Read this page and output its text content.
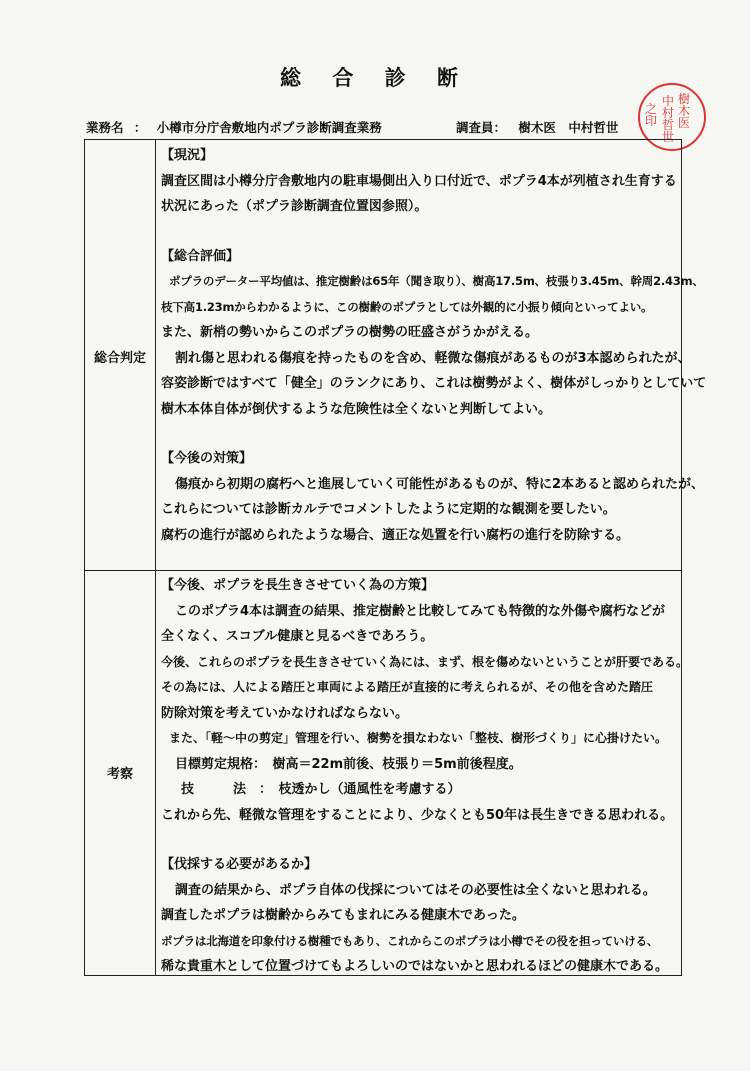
総 合 診 断
業務名 ： 小樽市分庁舎敷地内ポプラ診断調査業務	調査員： 樹木医　中村哲世
樹木医
中村哲世
之印
総合判定
考察

【現況】

調査区間は小樽分庁舎敷地内の駐車場側出入り口付近で、ポプラ4本が列植され生育する

状況にあった（ポプラ診断調査位置図参照）。

【総合評価】

ポプラのデーター平均値は、推定樹齢は65年（聞き取り）、樹高17.5m、枝張り3.45m、幹周2.43m、

枝下高1.23mからわかるように、この樹齢のポプラとしては外観的に小振り傾向といってよい。

また、新梢の勢いからこのポプラの樹勢の旺盛さがうかがえる。

割れ傷と思われる傷痕を持ったものを含め、軽微な傷痕があるものが3本認められたが、

容姿診断ではすべて「健全」のランクにあり、これは樹勢がよく、樹体がしっかりとしていて

樹木本体自体が倒伏するような危険性は全くないと判断してよい。

【今後の対策】

傷痕から初期の腐朽へと進展していく可能性があるものが、特に2本あると認められたが、

これらについては診断カルテでコメントしたように定期的な観測を要したい。

腐朽の進行が認められたような場合、適正な処置を行い腐朽の進行を防除する。

【今後、ポプラを長生きさせていく為の方策】

このポプラ4本は調査の結果、推定樹齢と比較してみても特徴的な外傷や腐朽などが

全くなく、スコブル健康と見るべきであろう。

今後、これらのポプラを長生きさせていく為には、まず、根を傷めないということが肝要である。

その為には、人による踏圧と車両による踏圧が直接的に考えられるが、その他を含めた踏圧

防除対策を考えていかなければならない。

また、「軽～中の剪定」管理を行い、樹勢を損なわない「整枝、樹形づくり」に心掛けたい。

目標剪定規格：　樹高＝22m前後、枝張り＝5m前後程度。

技　　　法　：　枝透かし（通風性を考慮する）

これから先、軽微な管理をすることにより、少なくとも50年は長生きできる思われる。

【伐採する必要があるか】

調査の結果から、ポプラ自体の伐採についてはその必要性は全くないと思われる。

調査したポプラは樹齢からみてもまれにみる健康木であった。

ポプラは北海道を印象付ける樹種でもあり、これからこのポプラは小樽でその役を担っていける、

稀な貴重木として位置づけてもよろしいのではないかと思われるほどの健康木である。
